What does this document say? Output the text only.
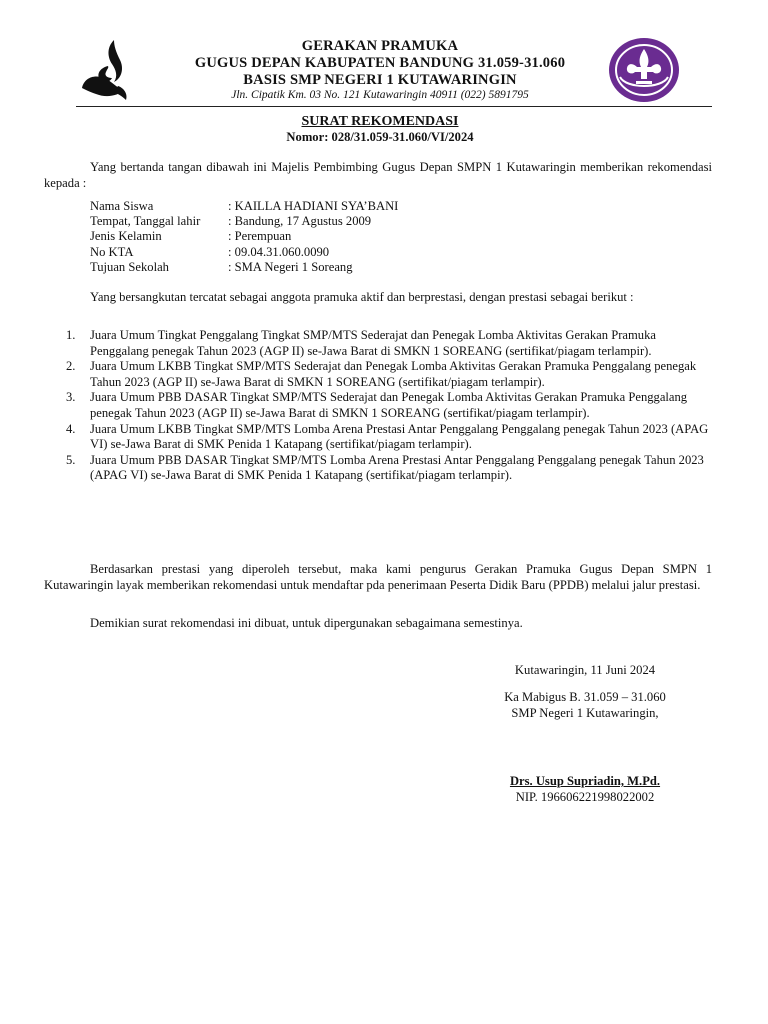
GERAKAN PRAMUKA
GUGUS DEPAN KABUPATEN BANDUNG 31.059-31.060
BASIS SMP NEGERI 1 KUTAWARINGIN
Jln. Cipatik Km. 03 No. 121 Kutawaringin 40911 (022) 5891795
SURAT REKOMENDASI
Nomor: 028/31.059-31.060/VI/2024
Yang bertanda tangan dibawah ini Majelis Pembimbing Gugus Depan SMPN 1 Kutawaringin memberikan rekomendasi kepada :
Nama Siswa	: KAILLA HADIANI SYA’BANI
Tempat, Tanggal lahir	: Bandung, 17 Agustus 2009
Jenis Kelamin	: Perempuan
No KTA	: 09.04.31.060.0090
Tujuan Sekolah	: SMA Negeri 1 Soreang
Yang bersangkutan tercatat sebagai anggota pramuka aktif dan berprestasi, dengan prestasi sebagai berikut :
1.	Juara Umum Tingkat Penggalang Tingkat SMP/MTS Sederajat dan Penegak Lomba Aktivitas Gerakan Pramuka Penggalang penegak Tahun 2023 (AGP II) se-Jawa Barat di SMKN 1 SOREANG (sertifikat/piagam terlampir).
2.	Juara Umum LKBB Tingkat SMP/MTS Sederajat dan Penegak Lomba Aktivitas Gerakan Pramuka Penggalang penegak Tahun 2023 (AGP II) se-Jawa Barat di SMKN 1 SOREANG (sertifikat/piagam terlampir).
3.	Juara Umum PBB DASAR Tingkat SMP/MTS Sederajat dan Penegak Lomba Aktivitas Gerakan Pramuka Penggalang penegak Tahun 2023 (AGP II) se-Jawa Barat di SMKN 1 SOREANG (sertifikat/piagam terlampir).
4.	Juara Umum LKBB Tingkat SMP/MTS Lomba Arena Prestasi Antar Penggalang Penggalang penegak Tahun 2023 (APAG VI) se-Jawa Barat di SMK Penida 1 Katapang (sertifikat/piagam terlampir).
5.	Juara Umum PBB DASAR Tingkat SMP/MTS Lomba Arena Prestasi Antar Penggalang Penggalang penegak Tahun 2023 (APAG VI) se-Jawa Barat di SMK Penida 1 Katapang (sertifikat/piagam terlampir).
Berdasarkan prestasi yang diperoleh tersebut, maka kami pengurus Gerakan Pramuka Gugus Depan SMPN 1 Kutawaringin layak memberikan rekomendasi untuk mendaftar pda penerimaan Peserta Didik Baru (PPDB) melalui jalur prestasi.
Demikian surat rekomendasi ini dibuat, untuk dipergunakan sebagaimana semestinya.
Kutawaringin, 11 Juni 2024
Ka Mabigus B. 31.059 – 31.060
SMP Negeri 1 Kutawaringin,
Drs. Usup Supriadin, M.Pd.
NIP. 196606221998022002
